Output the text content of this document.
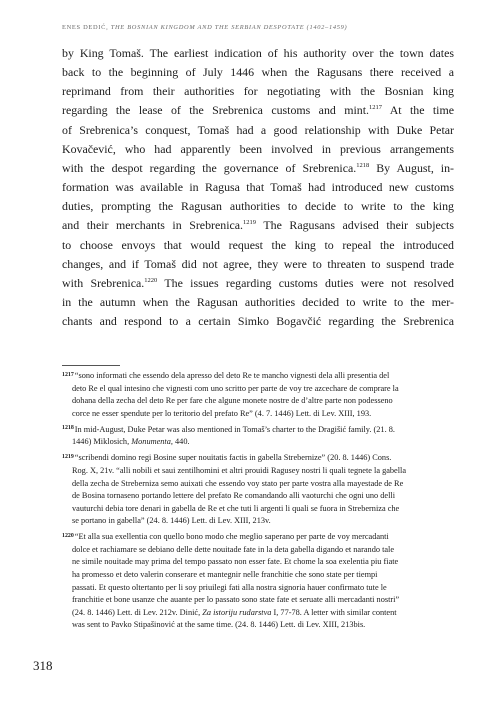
ENES DEDIĆ, THE BOSNIAN KINGDOM AND THE SERBIAN DESPOTATE (1402–1459)
by King Tomaš. The earliest indication of his authority over the town dates
back to the beginning of July 1446 when the Ragusans there received a
reprimand from their authorities for negotiating with the Bosnian king
regarding the lease of the Srebrenica customs and mint.$^{1217}$ At the time
of Srebrenica’s conquest, Tomaš had a good relationship with Duke Petar
Kovačević, who had apparently been involved in previous arrangements
with the despot regarding the governance of Srebrenica.$^{1218}$ By August, in-
formation was available in Ragusa that Tomaš had introduced new customs
duties, prompting the Ragusan authorities to decide to write to the king
and their merchants in Srebrenica.$^{1219}$ The Ragusans advised their subjects
to choose envoys that would request the king to repeal the introduced
changes, and if Tomaš did not agree, they were to threaten to suspend trade
with Srebrenica.$^{1220}$ The issues regarding customs duties were not resolved
in the autumn when the Ragusan authorities decided to write to the mer-
chants and respond to a certain Simko Bogavčić regarding the Srebrenica
$^{1217}$“sono informati che essendo dela apresso del deto Re te mancho vignesti dela alli presentia del
deto Re el qual intesino che vignesti com uno scritto per parte de voy tre azcechare de comprare la
dohana della zecha del deto Re per fare che algune monete nostre de d’altre parte non podesseno
corce ne esser spendute per lo teritorio del prefato Re” (4. 7. 1446) Lett. di Lev. XIII, 193.
$^{1218}$In mid-August, Duke Petar was also mentioned in Tomaš’s charter to the Dragišić family. (21. 8.
1446) Miklosich, Monumenta, 440.
$^{1219}$“scribendi domino regi Bosine super nouitatis factis in gabella Strebernize” (20. 8. 1446) Cons.
Rog. X, 21v. “alli nobili et saui zentilhomini et altri prouidi Ragusey nostri li quali tegnete la gabella
della zecha de Streberniza semo auixati che essendo voy stato per parte vostra alla mayestade de Re
de Bosina tornaseno portando lettere del prefato Re comandando alli vaoturchi che ogni uno delli
vauturchi debia tore denari in gabella de Re et che tuti li argenti li quali se fuora in Streberniza che
se portano in gabella” (24. 8. 1446) Lett. di Lev. XIII, 213v.
$^{1220}$“Et alla sua exellentia con quello bono modo che meglio saperano per parte de voy mercadanti
dolce et rachiamare se debiano delle dette nouitade fate in la deta gabella digando et narando tale
ne simile nouitade may prima del tempo passato non esser fate. Et chome la soa exelentia piu fiate
ha promesso et deto valerin conserare et mantegnir nelle franchitie che sono state per tiempi
passati. Et questo oltertanto per li soy priuilegi fati alla nostra signoria hauer confirmato tute le
franchitie et bone usanze che auante per lo passato sono state fate et seruate alli mercadanti nostri”
(24. 8. 1446) Lett. di Lev. 212v. Dinić, Za istoriju rudarstva I, 77-78. A letter with similar content
was sent to Pavko Stipašinović at the same time. (24. 8. 1446) Lett. di Lev. XIII, 213bis.
318
